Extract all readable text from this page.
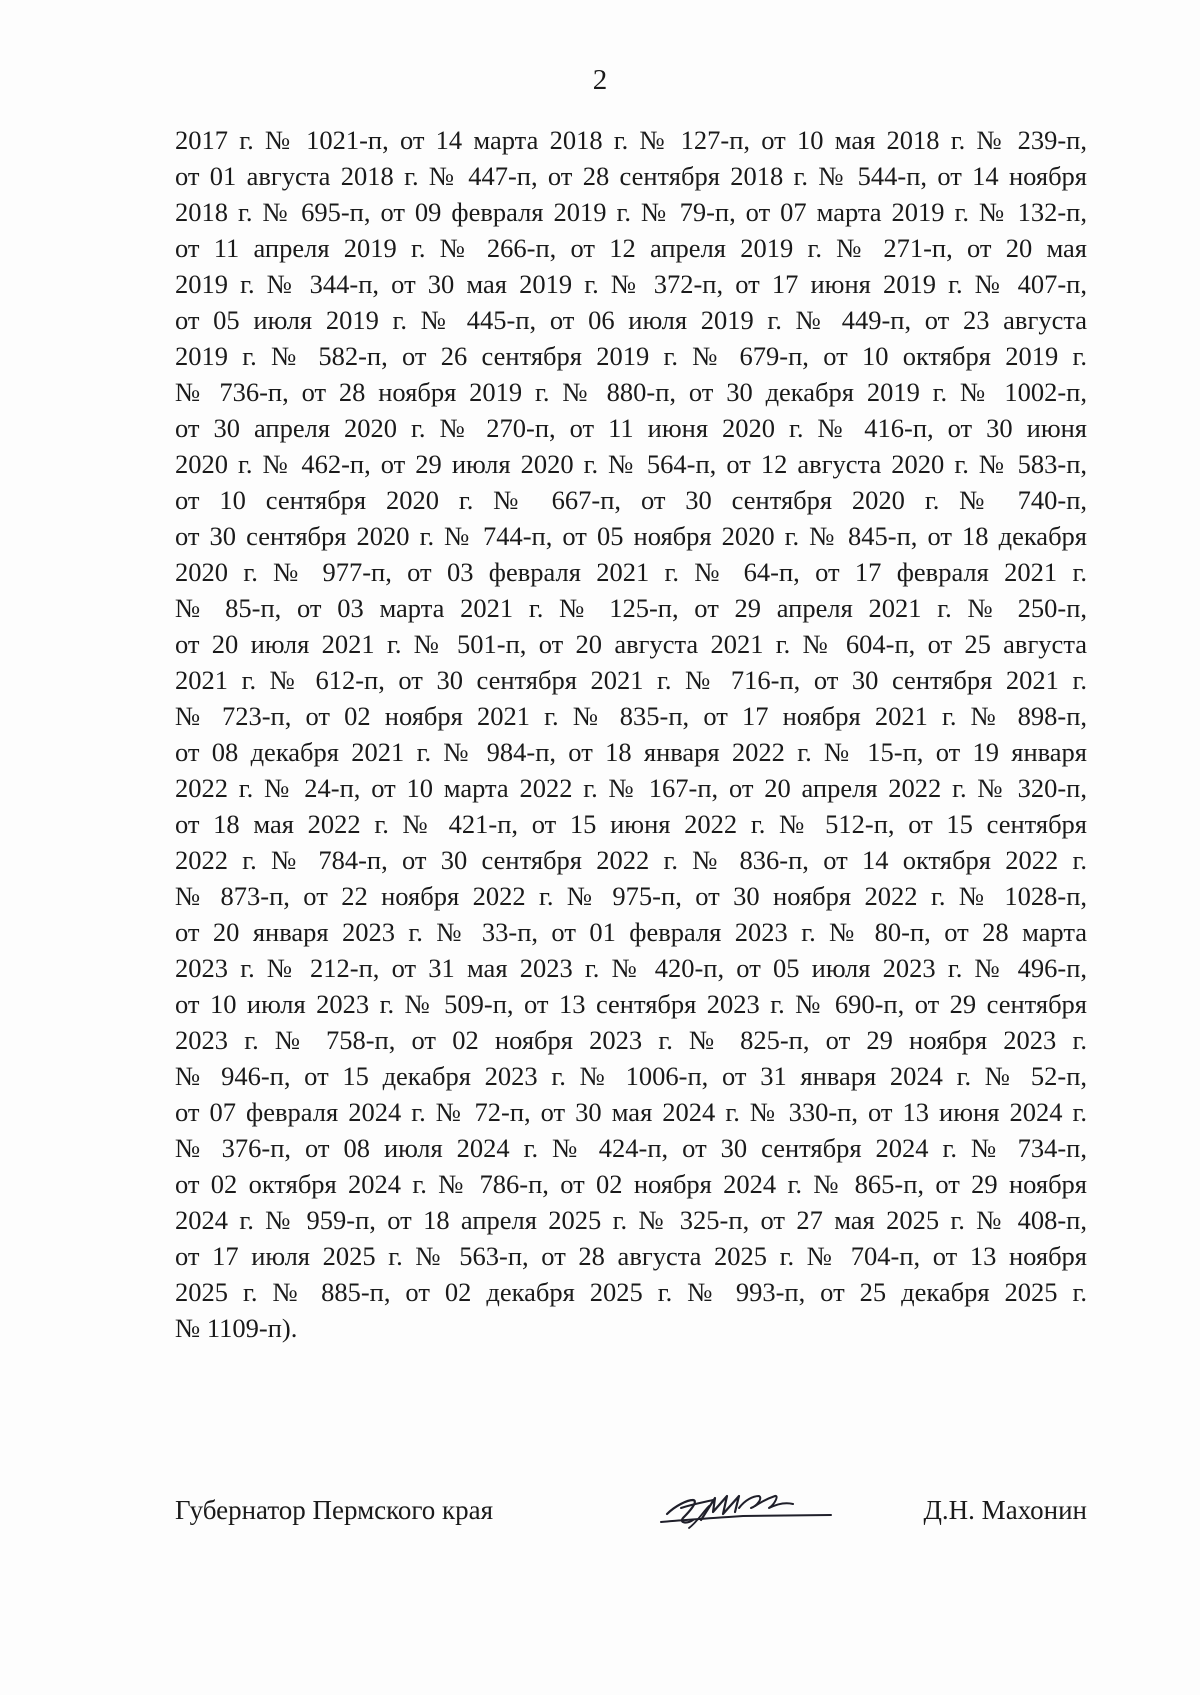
2
2017 г. № 1021-п, от 14 марта 2018 г. № 127-п, от 10 мая 2018 г. № 239-п,
от 01 августа 2018 г. № 447-п, от 28 сентября 2018 г. № 544-п, от 14 ноября
2018 г. № 695-п, от 09 февраля 2019 г. № 79-п, от 07 марта 2019 г. № 132-п,
от 11 апреля 2019 г. № 266-п, от 12 апреля 2019 г. № 271-п, от 20 мая
2019 г. № 344-п, от 30 мая 2019 г. № 372-п, от 17 июня 2019 г. № 407-п,
от 05 июля 2019 г. № 445-п, от 06 июля 2019 г. № 449-п, от 23 августа
2019 г. № 582-п, от 26 сентября 2019 г. № 679-п, от 10 октября 2019 г.
№ 736-п, от 28 ноября 2019 г. № 880-п, от 30 декабря 2019 г. № 1002-п,
от 30 апреля 2020 г. № 270-п, от 11 июня 2020 г. № 416-п, от 30 июня
2020 г. № 462-п, от 29 июля 2020 г. № 564-п, от 12 августа 2020 г. № 583-п,
от 10 сентября 2020 г. № 667-п, от 30 сентября 2020 г. № 740-п,
от 30 сентября 2020 г. № 744-п, от 05 ноября 2020 г. № 845-п, от 18 декабря
2020 г. № 977-п, от 03 февраля 2021 г. № 64-п, от 17 февраля 2021 г.
№ 85-п, от 03 марта 2021 г. № 125-п, от 29 апреля 2021 г. № 250-п,
от 20 июля 2021 г. № 501-п, от 20 августа 2021 г. № 604-п, от 25 августа
2021 г. № 612-п, от 30 сентября 2021 г. № 716-п, от 30 сентября 2021 г.
№ 723-п, от 02 ноября 2021 г. № 835-п, от 17 ноября 2021 г. № 898-п,
от 08 декабря 2021 г. № 984-п, от 18 января 2022 г. № 15-п, от 19 января
2022 г. № 24-п, от 10 марта 2022 г. № 167-п, от 20 апреля 2022 г. № 320-п,
от 18 мая 2022 г. № 421-п, от 15 июня 2022 г. № 512-п, от 15 сентября
2022 г. № 784-п, от 30 сентября 2022 г. № 836-п, от 14 октября 2022 г.
№ 873-п, от 22 ноября 2022 г. № 975-п, от 30 ноября 2022 г. № 1028-п,
от 20 января 2023 г. № 33-п, от 01 февраля 2023 г. № 80-п, от 28 марта
2023 г. № 212-п, от 31 мая 2023 г. № 420-п, от 05 июля 2023 г. № 496-п,
от 10 июля 2023 г. № 509-п, от 13 сентября 2023 г. № 690-п, от 29 сентября
2023 г. № 758-п, от 02 ноября 2023 г. № 825-п, от 29 ноября 2023 г.
№ 946-п, от 15 декабря 2023 г. № 1006-п, от 31 января 2024 г. № 52-п,
от 07 февраля 2024 г. № 72-п, от 30 мая 2024 г. № 330-п, от 13 июня 2024 г.
№ 376-п, от 08 июля 2024 г. № 424-п, от 30 сентября 2024 г. № 734-п,
от 02 октября 2024 г. № 786-п, от 02 ноября 2024 г. № 865-п, от 29 ноября
2024 г. № 959-п, от 18 апреля 2025 г. № 325-п, от 27 мая 2025 г. № 408-п,
от 17 июля 2025 г. № 563-п, от 28 августа 2025 г. № 704-п, от 13 ноября
2025 г. № 885-п, от 02 декабря 2025 г. № 993-п, от 25 декабря 2025 г.
№ 1109-п).
Губернатор Пермского края	Д.Н. Махонин
